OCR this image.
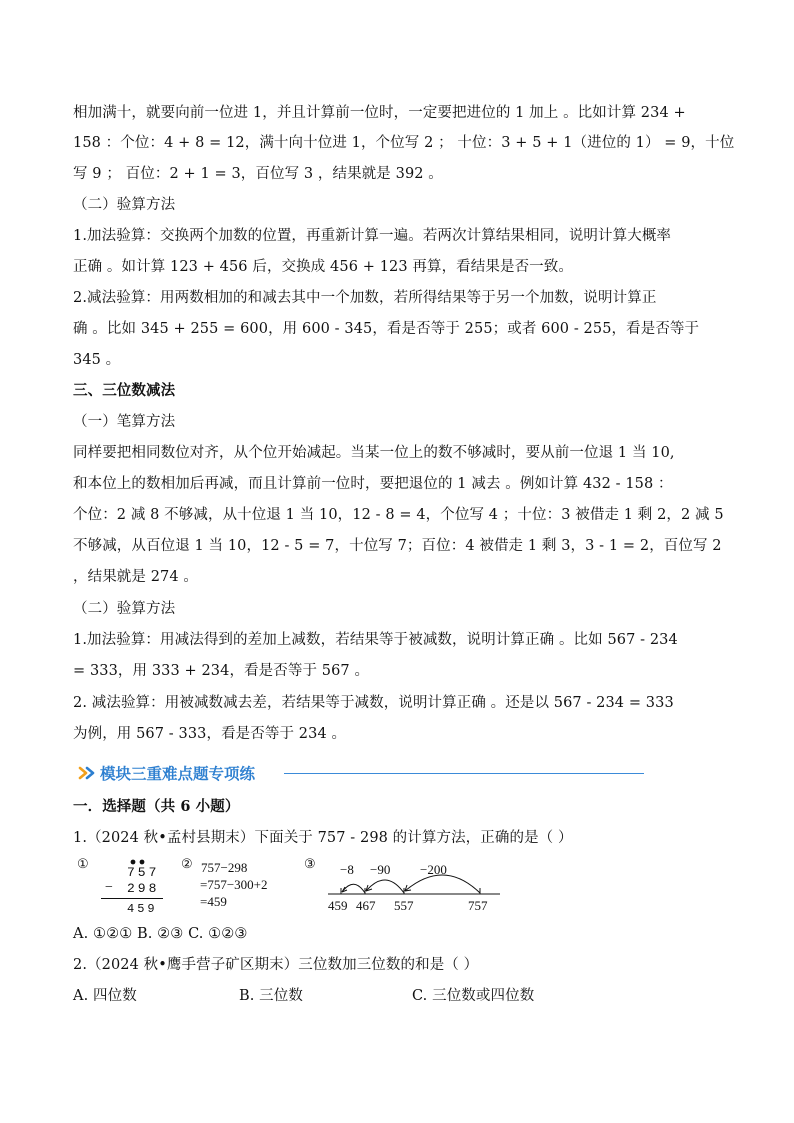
相加满十，就要向前一位进 1，并且计算前一位时，一定要把进位的 1 加上 。比如计算 234 +
158 ：个位：4 + 8 = 12，满十向十位进 1，个位写 2 ； 十位：3 + 5 + 1（进位的 1） = 9，十位
写 9 ； 百位：2 + 1 = 3，百位写 3 ，结果就是 392 。
（二）验算方法
1.加法验算：交换两个加数的位置，再重新计算一遍。若两次计算结果相同，说明计算大概率
正确 。如计算 123 + 456 后，交换成 456 + 123 再算，看结果是否一致。
2.减法验算：用两数相加的和减去其中一个加数，若所得结果等于另一个加数，说明计算正
确 。比如 345 + 255 = 600，用 600 - 345，看是否等于 255；或者 600 - 255，看是否等于
345 。
三、三位数减法
（一）笔算方法
同样要把相同数位对齐，从个位开始减起。当某一位上的数不够减时，要从前一位退 1 当 10,
和本位上的数相加后再减，而且计算前一位时，要把退位的 1 减去 。例如计算 432 - 158 ：
个位：2 减 8 不够减，从十位退 1 当 10，12 - 8 = 4，个位写 4 ；十位：3 被借走 1 剩 2，2 减 5
不够减，从百位退 1 当 10，12 - 5 = 7，十位写 7；百位：4 被借走 1 剩 3，3 - 1 = 2，百位写 2
，结果就是 274 。
（二）验算方法
1.加法验算：用减法得到的差加上减数，若结果等于被减数，说明计算正确 。比如 567 - 234
= 333，用 333 + 234，看是否等于 567 。
2. 减法验算：用被减数减去差，若结果等于减数，说明计算正确 。还是以 567 - 234 = 333
为例，用 567 - 333，看是否等于 234 。
模块三重难点题专项练
一．选择题（共 6 小题）
1.（2024 秋•孟村县期末）下面关于 757 - 298 的计算方法，正确的是（ ）
①
757
− 298
459
② 757−298
=757−300+2
=459
③ −8 −90 −200
459 467 557	757
A. ①②① B. ②③ C. ①②③
2.（2024 秋•鹰手营子矿区期末）三位数加三位数的和是（ ）
A. 四位数	B. 三位数	C. 三位数或四位数
